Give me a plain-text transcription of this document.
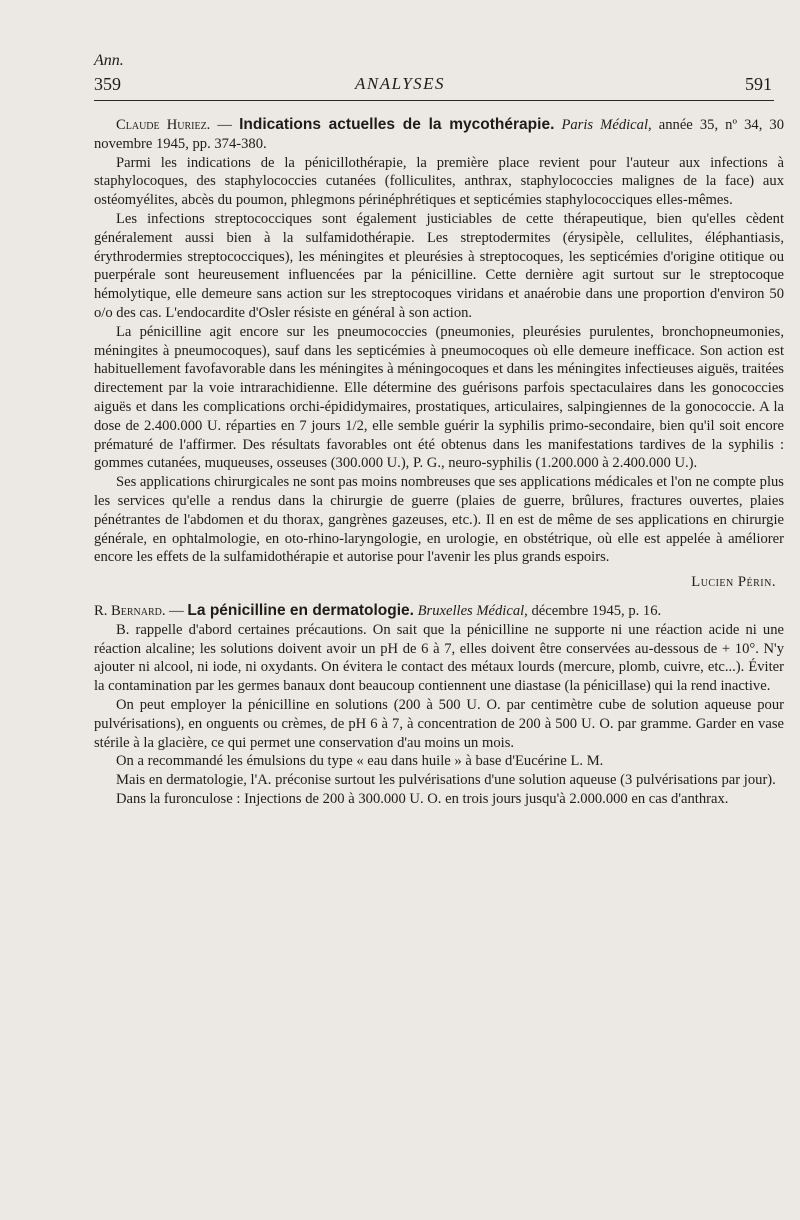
Ann.
359	ANALYSES	591

Claude Huriez. — Indications actuelles de la mycothérapie. Paris Médical, année 35, nº 34, 30 novembre 1945, pp. 374-380.

Parmi les indications de la pénicillothérapie, la première place revient pour l'auteur aux infections à staphylocoques, des staphylococcies cutanées (folliculites, anthrax, staphylococcies malignes de la face) aux ostéomyélites, abcès du poumon, phlegmons périnéphrétiques et septicémies staphylococciques elles-mêmes.

Les infections streptococciques sont également justiciables de cette thérapeutique, bien qu'elles cèdent généralement aussi bien à la sulfamidothérapie. Les streptodermites (érysipèle, cellulites, éléphantiasis, érythrodermies streptococciques), les méningites et pleurésies à streptocoques, les septicémies d'origine otitique ou puerpérale sont heureusement influencées par la pénicilline. Cette dernière agit surtout sur le streptocoque hémolytique, elle demeure sans action sur les streptocoques viridans et anaérobie dans une proportion d'environ 50 o/o des cas. L'endocardite d'Osler résiste en général à son action.

La pénicilline agit encore sur les pneumococcies (pneumonies, pleurésies purulentes, bronchopneumonies, méningites à pneumocoques), sauf dans les septicémies à pneumocoques où elle demeure inefficace. Son action est habituellement favofavorable dans les méningites à méningocoques et dans les méningites infectieuses aiguës, traitées directement par la voie intrarachidienne. Elle détermine des guérisons parfois spectaculaires dans les gonococcies aiguës et dans les complications orchi-épididymaires, prostatiques, articulaires, salpingiennes de la gonococcie. A la dose de 2.400.000 U. réparties en 7 jours 1/2, elle semble guérir la syphilis primo-secondaire, bien qu'il soit encore prématuré de l'affirmer. Des résultats favorables ont été obtenus dans les manifestations tardives de la syphilis : gommes cutanées, muqueuses, osseuses (300.000 U.), P. G., neuro-syphilis (1.200.000 à 2.400.000 U.).

Ses applications chirurgicales ne sont pas moins nombreuses que ses applications médicales et l'on ne compte plus les services qu'elle a rendus dans la chirurgie de guerre (plaies de guerre, brûlures, fractures ouvertes, plaies pénétrantes de l'abdomen et du thorax, gangrènes gazeuses, etc.). Il en est de même de ses applications en chirurgie générale, en ophtalmologie, en oto-rhino-laryngologie, en urologie, en obstétrique, où elle est appelée à améliorer encore les effets de la sulfamidothérapie et autorise pour l'avenir les plus grands espoirs.

Lucien Périn.

R. Bernard. — La pénicilline en dermatologie. Bruxelles Médical, décembre 1945, p. 16.

B. rappelle d'abord certaines précautions. On sait que la pénicilline ne supporte ni une réaction acide ni une réaction alcaline; les solutions doivent avoir un pH de 6 à 7, elles doivent être conservées au-dessous de + 10°. N'y ajouter ni alcool, ni iode, ni oxydants. On évitera le contact des métaux lourds (mercure, plomb, cuivre, etc...). Éviter la contamination par les germes banaux dont beaucoup contiennent une diastase (la pénicillase) qui la rend inactive.

On peut employer la pénicilline en solutions (200 à 500 U. O. par centimètre cube de solution aqueuse pour pulvérisations), en onguents ou crèmes, de pH 6 à 7, à concentration de 200 à 500 U. O. par gramme. Garder en vase stérile à la glacière, ce qui permet une conservation d'au moins un mois.

On a recommandé les émulsions du type « eau dans huile » à base d'Eucérine L. M.

Mais en dermatologie, l'A. préconise surtout les pulvérisations d'une solution aqueuse (3 pulvérisations par jour).

Dans la furonculose : Injections de 200 à 300.000 U. O. en trois jours jusqu'à 2.000.000 en cas d'anthrax.
